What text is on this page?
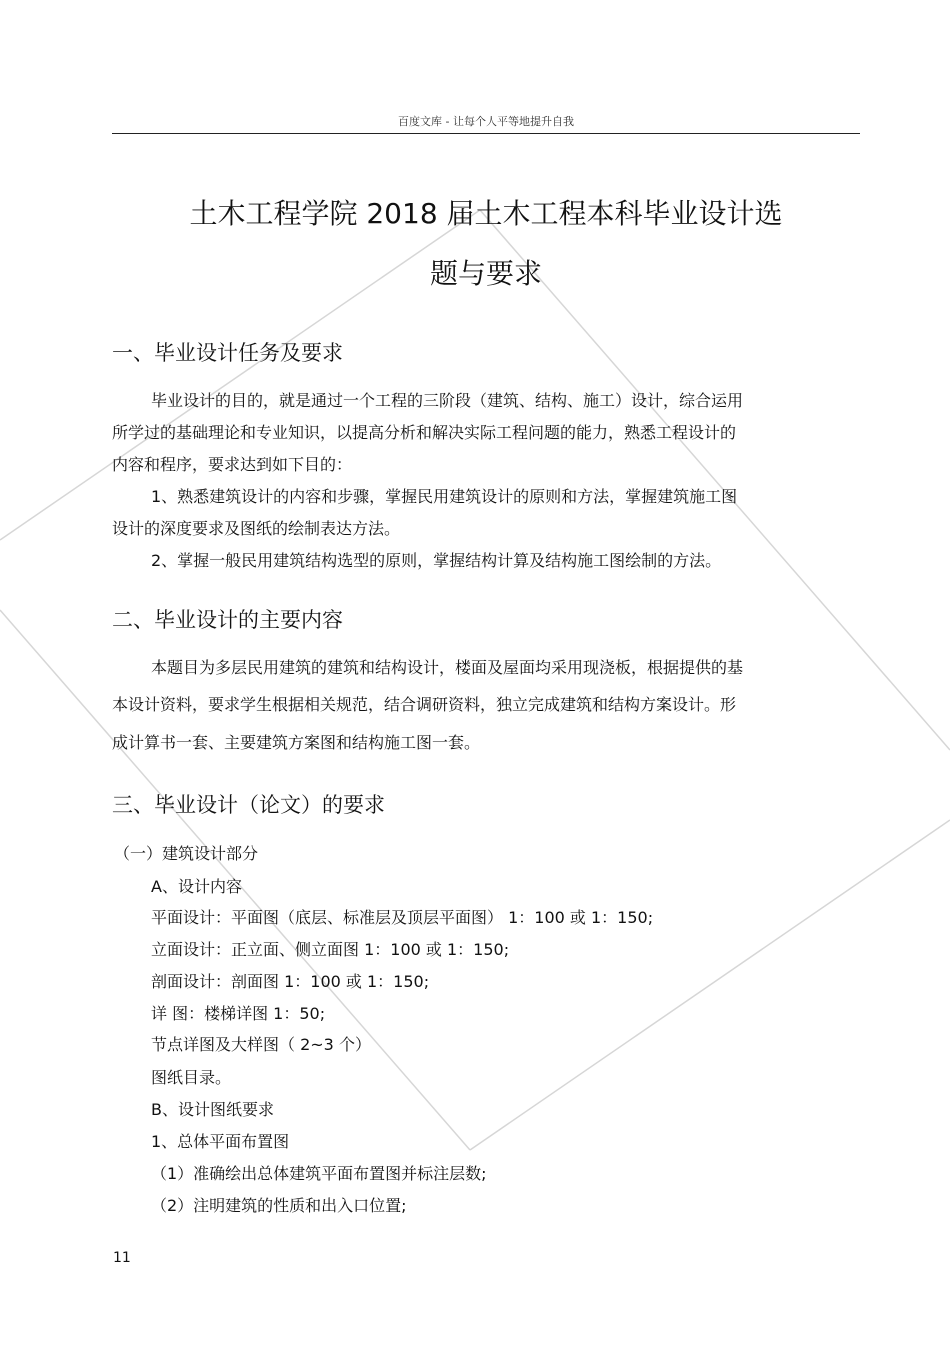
百度文库 - 让每个人平等地提升自我
土木工程学院 2018 届土木工程本科毕业设计选
题与要求
一、毕业设计任务及要求
毕业设计的目的，就是通过一个工程的三阶段（建筑、结构、施工）设计，综合运用
所学过的基础理论和专业知识，以提高分析和解决实际工程问题的能力，熟悉工程设计的
内容和程序，要求达到如下目的：
1、熟悉建筑设计的内容和步骤，掌握民用建筑设计的原则和方法，掌握建筑施工图
设计的深度要求及图纸的绘制表达方法。
2、掌握一般民用建筑结构选型的原则，掌握结构计算及结构施工图绘制的方法。
二、毕业设计的主要内容
本题目为多层民用建筑的建筑和结构设计，楼面及屋面均采用现浇板，根据提供的基
本设计资料，要求学生根据相关规范，结合调研资料，独立完成建筑和结构方案设计。形
成计算书一套、主要建筑方案图和结构施工图一套。
三、毕业设计（论文）的要求
（一）建筑设计部分
A、设计内容
平面设计：平面图（底层、标准层及顶层平面图） 1：100 或 1：150;
立面设计：正立面、侧立面图 1：100 或 1：150;
剖面设计：剖面图 1：100 或 1：150;
详 图：楼梯详图 1：50;
节点详图及大样图（ 2~3 个）
图纸目录。
B、设计图纸要求
1、总体平面布置图
（1）准确绘出总体建筑平面布置图并标注层数;
（2）注明建筑的性质和出入口位置;
11
